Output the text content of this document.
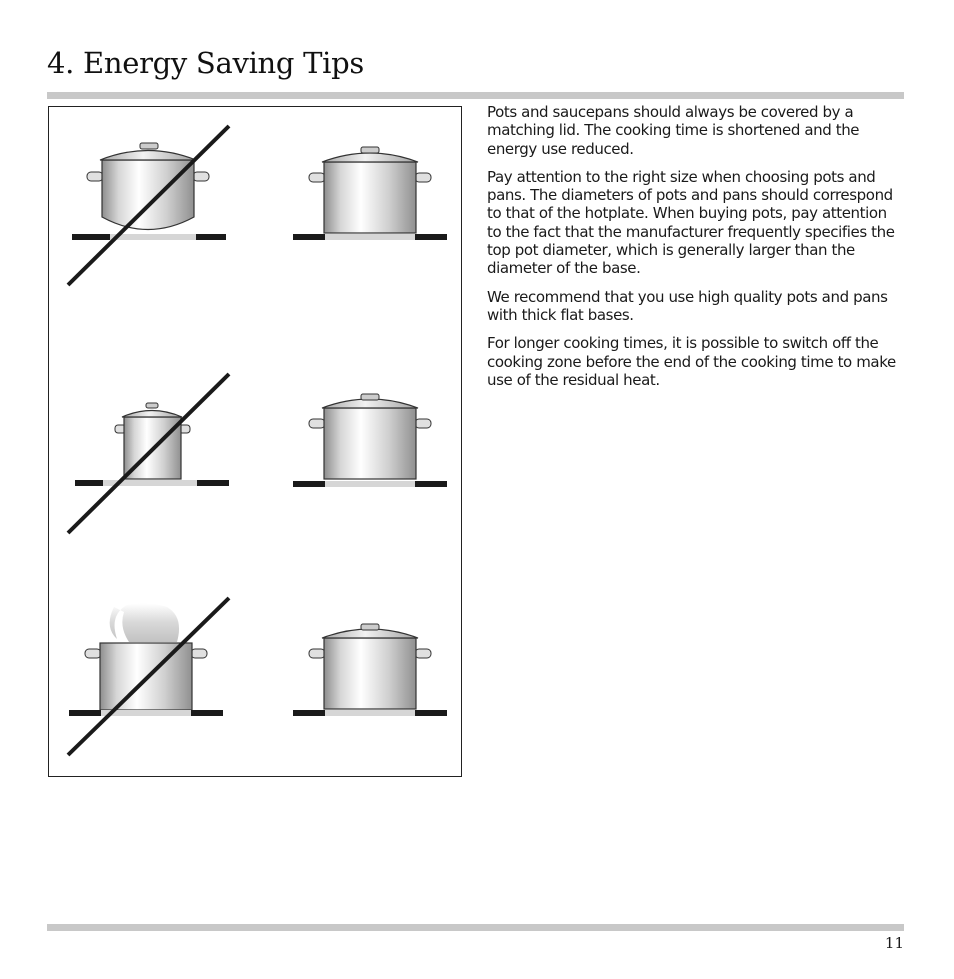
4. Energy Saving Tips

Pots and saucepans should always be covered by a matching lid. The cooking time is shortened and the energy use reduced.

Pay attention to the right size when choosing pots and pans. The diameters of pots and pans should correspond to that of the hotplate. When buying pots, pay attention to the fact that the manufacturer frequently specifies the top pot diameter, which is generally larger than the diameter of the base.

We recommend that you use high quality pots and pans with thick flat bases.

For longer cooking times, it is possible to switch off the cooking zone before the end of the cooking time to make use of the residual heat.

11
